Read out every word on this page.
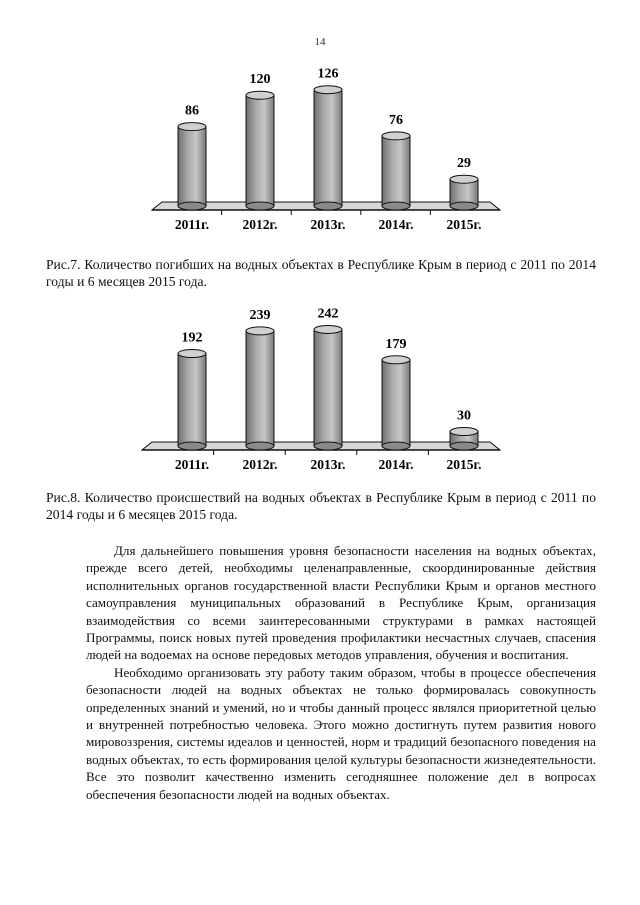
14
86
2011г.
120
2012г.
126
2013г.
76
2014г.
29
2015г.
Рис.7. Количество погибших на водных объектах в Республике Крым в период с 2011 по 2014 годы и 6 месяцев 2015 года.
192
2011г.
239
2012г.
242
2013г.
179
2014г.
30
2015г.
Рис.8. Количество происшествий на водных объектах в Республике Крым в период с 2011 по 2014 годы и 6 месяцев 2015 года.

Для дальнейшего повышения уровня безопасности населения на водных объектах, прежде всего детей, необходимы целенаправленные, скоординированные действия исполнительных органов государственной власти Республики Крым и органов местного самоуправления муниципальных образований в Республике Крым, организация взаимодействия со всеми заинтересованными структурами в рамках настоящей Программы, поиск новых путей проведения профилактики несчастных случаев, спасения людей на водоемах на основе передовых методов управления, обучения и воспитания.

Необходимо организовать эту работу таким образом, чтобы в процессе обеспечения безопасности людей на водных объектах не только формировалась совокупность определенных знаний и умений, но и чтобы данный процесс являлся приоритетной целью и внутренней потребностью человека. Этого можно достигнуть путем развития нового мировоззрения, системы идеалов и ценностей, норм и традиций безопасного поведения на водных объектах, то есть формирования целой культуры безопасности жизнедеятельности. Все это позволит качественно изменить сегодняшнее положение дел в вопросах обеспечения безопасности людей на водных объектах.
